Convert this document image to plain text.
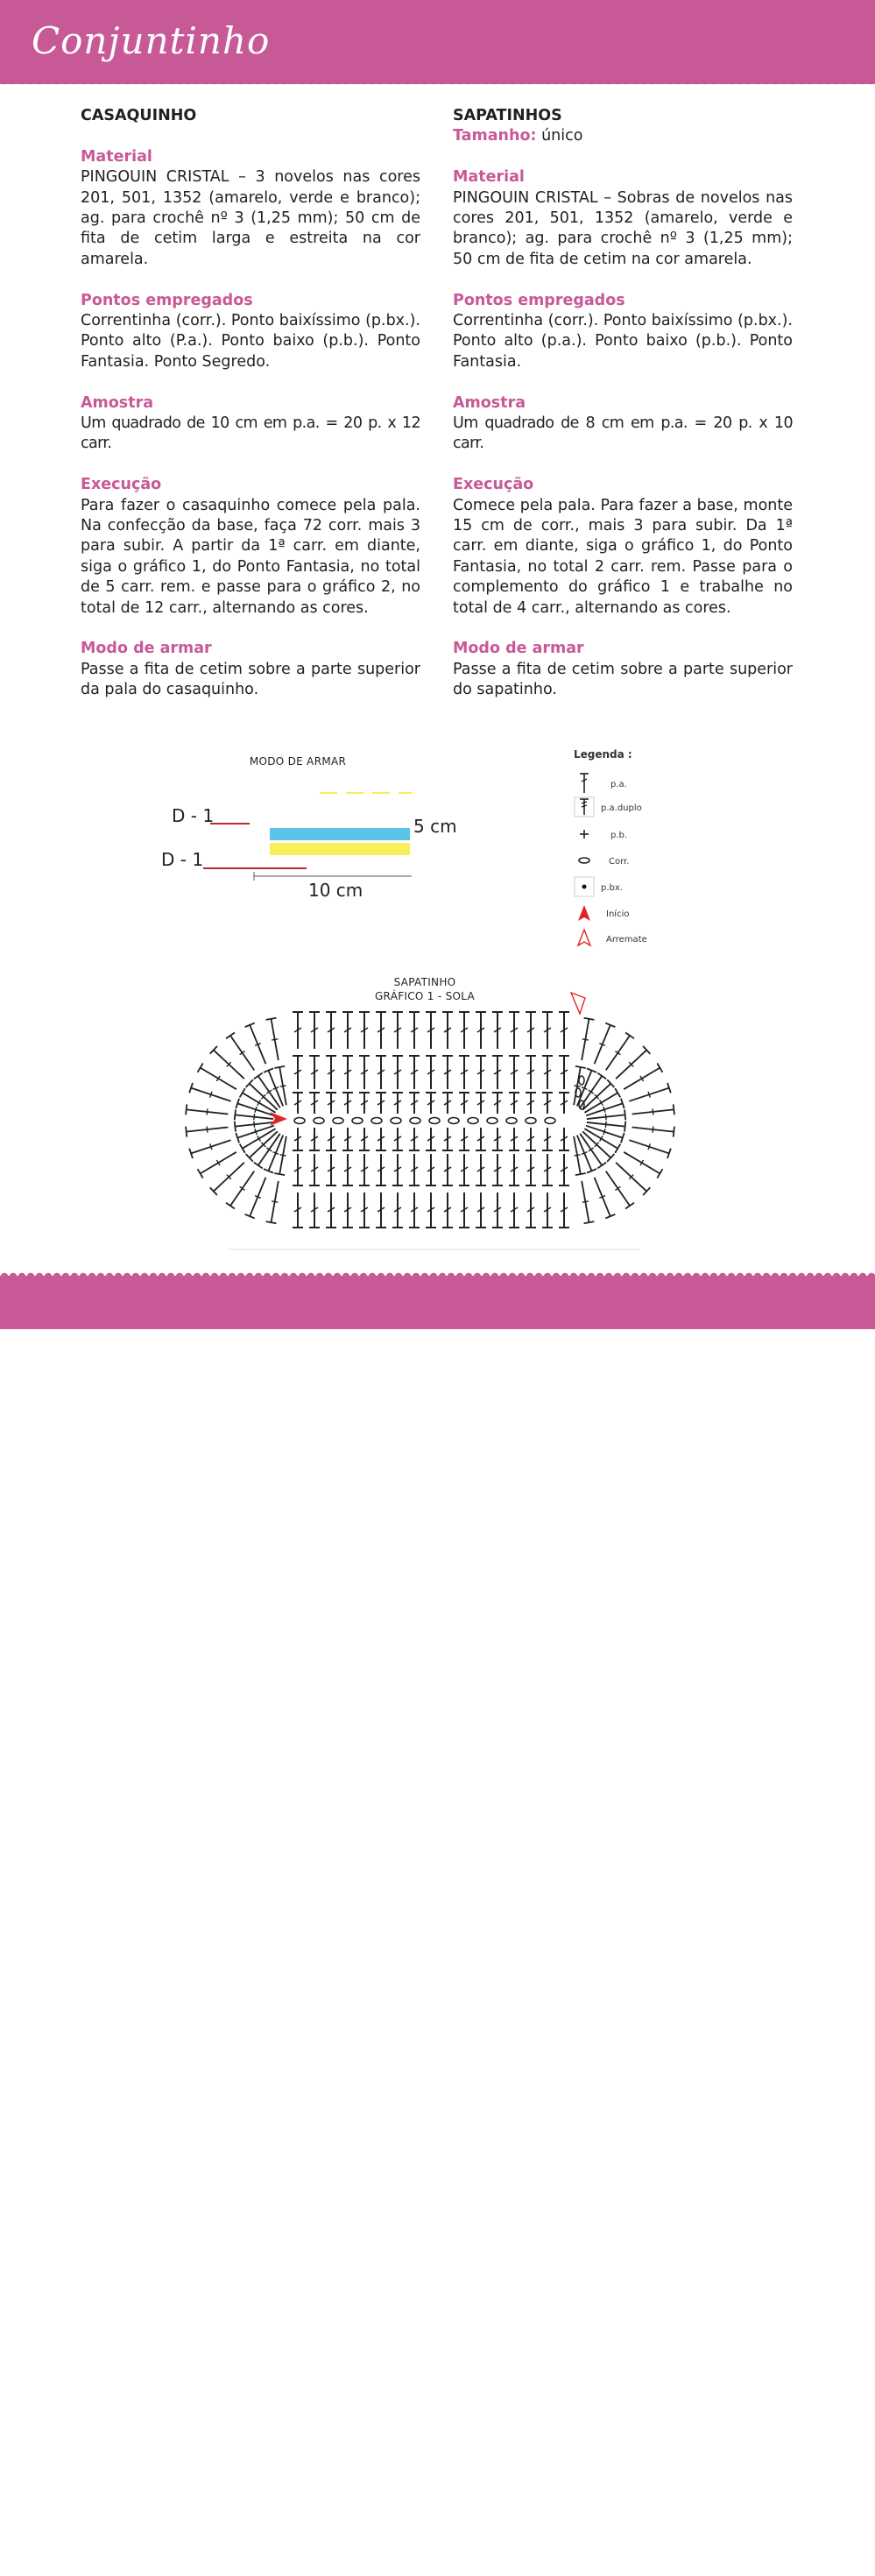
Conjuntinho

CASAQUINHO

Material

PINGOUIN CRISTAL – 3 novelos nas cores 201, 501, 1352 (amarelo, verde e branco); ag. para crochê nº 3 (1,25 mm); 50 cm de fita de cetim larga e estreita na cor amarela.

Pontos empregados

Correntinha (corr.). Ponto baixíssimo (p.bx.). Ponto alto (P.a.). Ponto baixo (p.b.). Ponto Fantasia. Ponto Segredo.

Amostra

Um quadrado de 10 cm em p.a. = 20 p. x 12 carr.

Execução

Para fazer o casaquinho comece pela pala. Na confecção da base, faça 72 corr. mais 3 para subir. A partir da 1ª carr. em diante, siga o gráfico 1, do Ponto Fantasia, no total de 5 carr. rem. e passe para o gráfico 2, no total de 12 carr., alternando as cores.

Modo de armar

Passe a fita de cetim sobre a parte superior da pala do casaquinho.

SAPATINHOS

Tamanho: único

Material

PINGOUIN CRISTAL – Sobras de novelos nas cores 201, 501, 1352 (amarelo, verde e branco); ag. para crochê nº 3 (1,25 mm); 50 cm de fita de cetim na cor amarela.

Pontos empregados

Correntinha (corr.). Ponto baixíssimo (p.bx.). Ponto alto (p.a.). Ponto baixo (p.b.). Ponto Fantasia.

Amostra

Um quadrado de 8 cm em p.a. = 20 p. x 10 carr.

Execução

Comece pela pala. Para fazer a base, monte 15 cm de corr., mais 3 para subir. Da 1ª carr. em diante, siga o gráfico 1, do Ponto Fantasia, no total 2 carr. rem. Passe para o complemento do gráfico 1 e trabalhe no total de 4 carr., alternando as cores.

Modo de armar

Passe a fita de cetim sobre a parte superior do sapatinho.

MODO DE ARMAR
D - 1
D - 1
5 cm
10 cm
Legenda :
p.a.
p.a.duplo
p.b.
Corr.
p.bx.
Início
Arremate
SAPATINHO
GRÁFICO 1 - SOLA
58
